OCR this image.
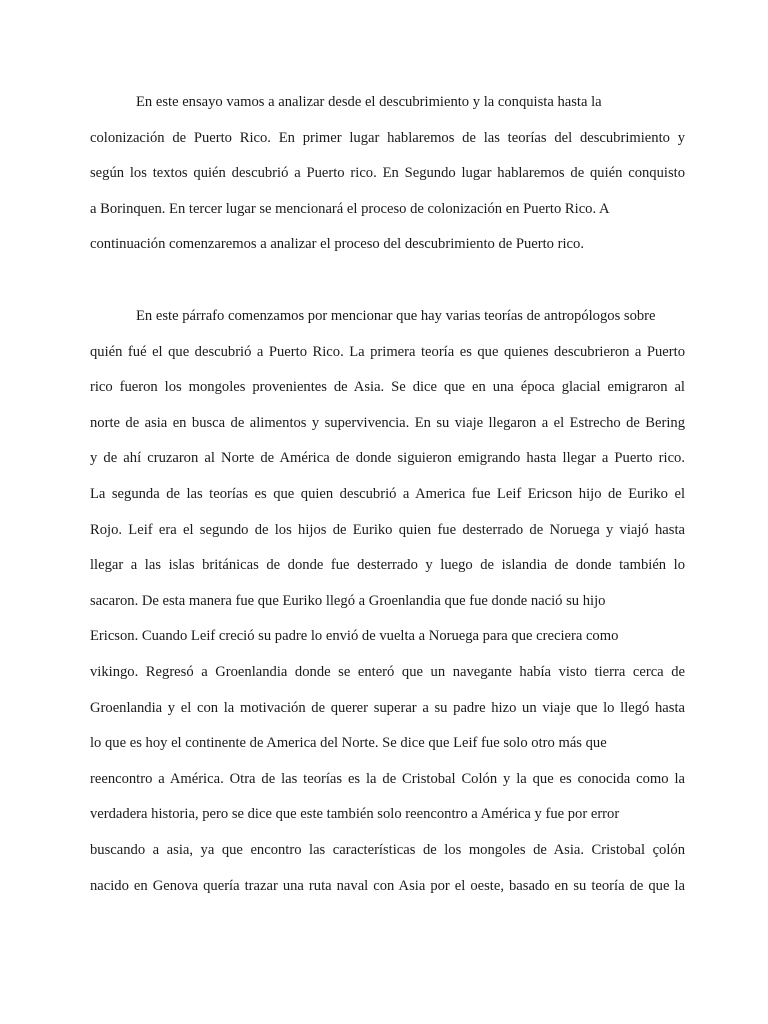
En este ensayo vamos a analizar desde el descubrimiento y la conquista hasta la
colonización de Puerto Rico. En primer lugar hablaremos de las teorías del descubrimiento y
según los textos quién descubrió a Puerto rico. En Segundo lugar hablaremos de quién conquisto
a Borinquen. En tercer lugar se mencionará el proceso de colonización en Puerto Rico. A
continuación comenzaremos a analizar el proceso del descubrimiento de Puerto rico.
En este párrafo comenzamos por mencionar que hay varias teorías de antropólogos sobre
quién fué el que descubrió a Puerto Rico. La primera teoría es que quienes descubrieron a Puerto
rico fueron los mongoles provenientes de Asia. Se dice que en una época glacial emigraron al
norte de asia en busca de alimentos y supervivencia. En su viaje llegaron a el Estrecho de Bering
y de ahí cruzaron al Norte de América de donde siguieron emigrando hasta llegar a Puerto rico.
La segunda de las teorías es que quien descubrió a America fue Leif Ericson hijo de Euriko el
Rojo. Leif era el segundo de los hijos de Euriko quien fue desterrado de Noruega y viajó hasta
llegar a las islas británicas de donde fue desterrado y luego de islandia de donde también lo
sacaron. De esta manera fue que Euriko llegó a Groenlandia que fue donde nació su hijo
Ericson. Cuando Leif creció su padre lo envió de vuelta a Noruega para que creciera como
vikingo. Regresó a Groenlandia donde se enteró que un navegante había visto tierra cerca de
Groenlandia y el con la motivación de querer superar a su padre hizo un viaje que lo llegó hasta
lo que es hoy el continente de America del Norte. Se dice que Leif fue solo otro más que
reencontro a América. Otra de las teorías es la de Cristobal Colón y la que es conocida como la
verdadera historia, pero se dice que este también solo reencontro a América y fue por error
buscando a asia, ya que encontro las características de los mongoles de Asia. Cristobal çolón
nacido en Genova quería trazar una ruta naval con Asia por el oeste, basado en su teoría de que la
